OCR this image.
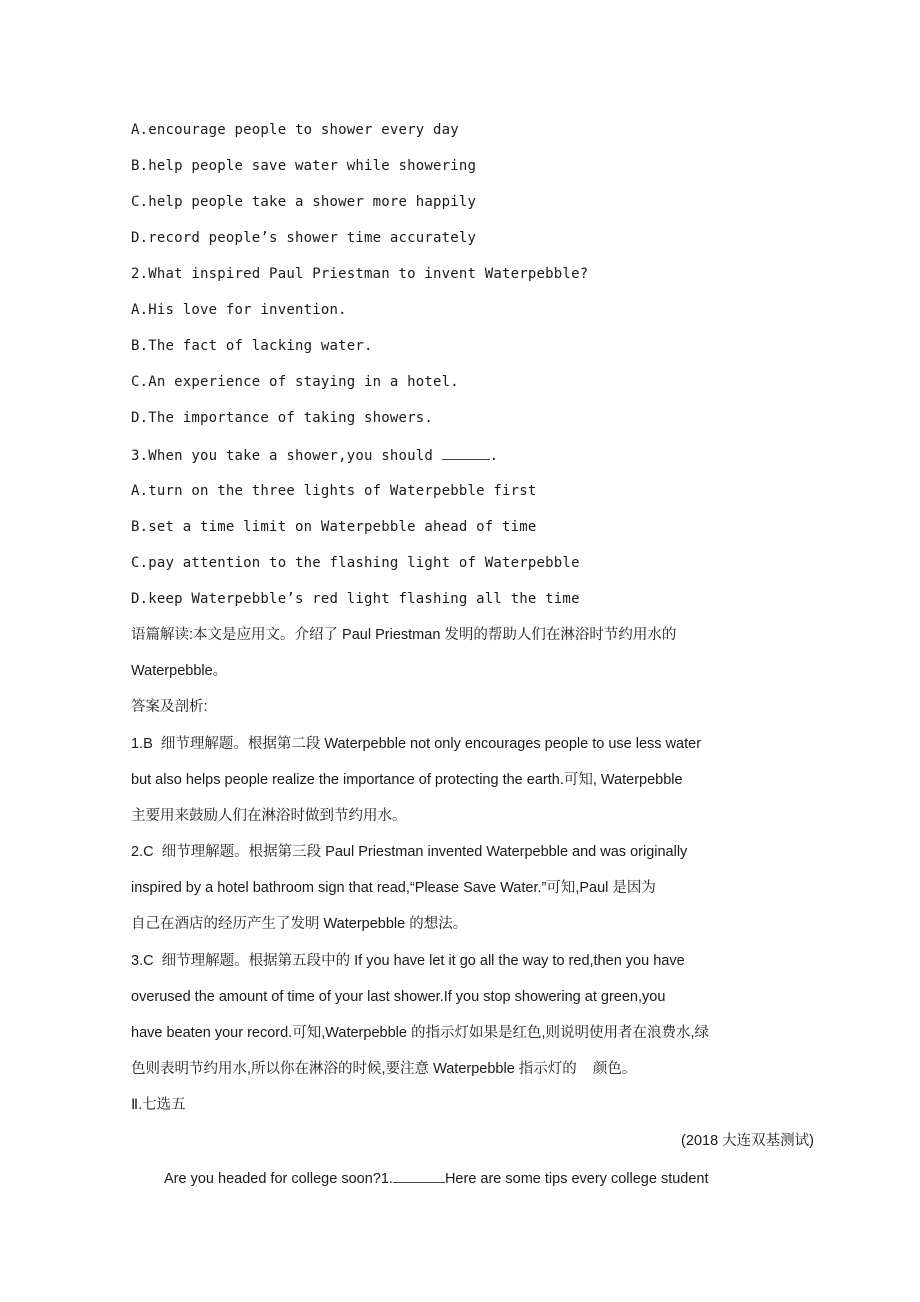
A.encourage people to shower every day
B.help people save water while showering
C.help people take a shower more happily
D.record people’s shower time accurately
2.What inspired Paul Priestman to invent Waterpebble?
A.His love for invention.
B.The fact of lacking water.
C.An experience of staying in a hotel.
D.The importance of taking showers.
3.When you take a shower,you should	.
A.turn on the three lights of Waterpebble first
B.set a time limit on Waterpebble ahead of time
C.pay attention to the flashing light of Waterpebble
D.keep Waterpebble’s red light flashing all the time
语篇解读:本文是应用文。介绍了 Paul Priestman 发明的帮助人们在淋浴时节约用水的
Waterpebble。
答案及剖析:
1.B  细节理解题。根据第二段 Waterpebble not only encourages people to use less water
but also helps people realize the importance of protecting the earth.可知, Waterpebble
主要用来鼓励人们在淋浴时做到节约用水。
2.C  细节理解题。根据第三段 Paul Priestman invented Waterpebble and was originally
inspired by a hotel bathroom sign that read,“Please Save Water.”可知,Paul 是因为
自己在酒店的经历产生了发明 Waterpebble 的想法。
3.C  细节理解题。根据第五段中的 If you have let it go all the way to red,then you have
overused the amount of time of your last shower.If you stop showering at green,you
have beaten your record.可知,Waterpebble 的指示灯如果是红色,则说明使用者在浪费水,绿
色则表明节约用水,所以你在淋浴的时候,要注意 Waterpebble 指示灯的    颜色。
Ⅱ.七选五
(2018 大连双基测试)
Are you headed for college soon?1.	Here are some tips every college student
